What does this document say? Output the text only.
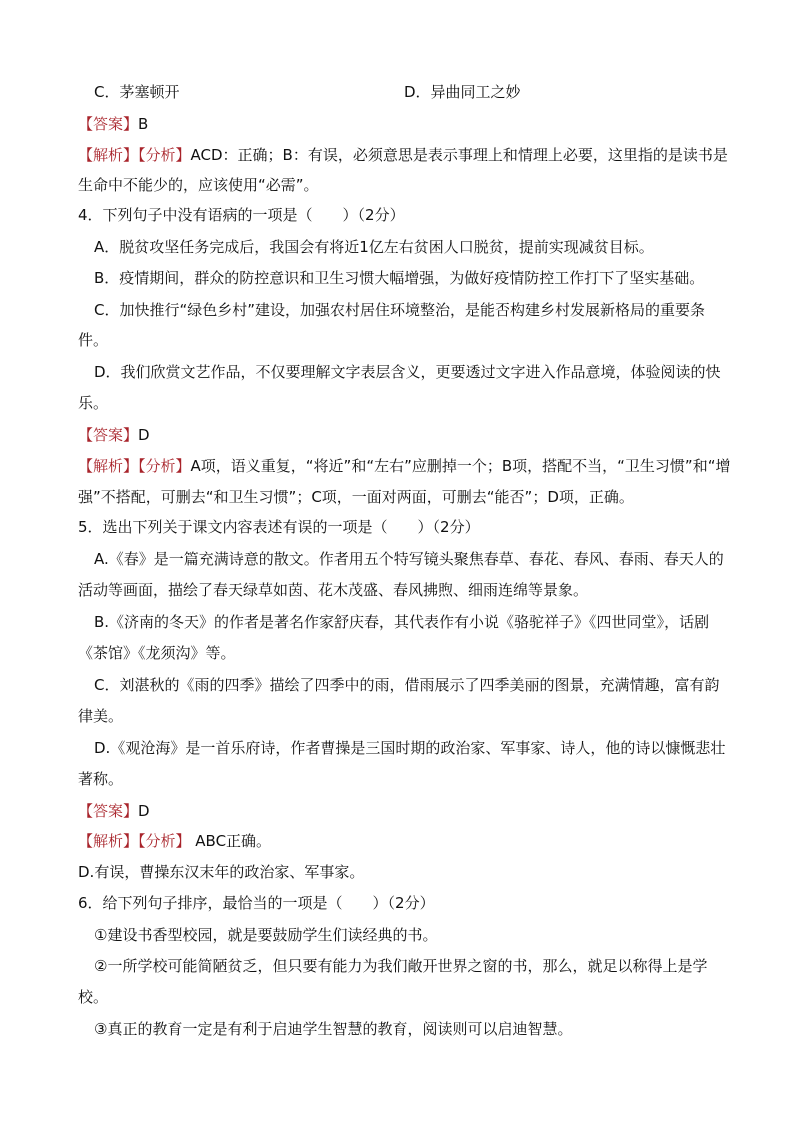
C．茅塞顿开	D．异曲同工之妙
【答案】B
【解析】【分析】ACD：正确；B：有误，必须意思是表示事理上和情理上必要，这里指的是读书是
生命中不能少的，应该使用“必需”。
4．下列句子中没有语病的一项是（　　）（2分）
A．脱贫攻坚任务完成后，我国会有将近1亿左右贫困人口脱贫，提前实现减贫目标。
B．疫情期间，群众的防控意识和卫生习惯大幅增强，为做好疫情防控工作打下了坚实基础。
C．加快推行“绿色乡村”建设，加强农村居住环境整治，是能否构建乡村发展新格局的重要条
件。
D．我们欣赏文艺作品，不仅要理解文字表层含义，更要透过文字进入作品意境，体验阅读的快
乐。
【答案】D
【解析】【分析】A项，语义重复，“将近”和“左右”应删掉一个；B项，搭配不当，“卫生习惯”和“增
强”不搭配，可删去“和卫生习惯”；C项，一面对两面，可删去“能否”；D项，正确。
5．选出下列关于课文内容表述有误的一项是（　　）（2分）
A.《春》是一篇充满诗意的散文。作者用五个特写镜头聚焦春草、春花、春风、春雨、春天人的
活动等画面，描绘了春天绿草如茵、花木茂盛、春风拂煦、细雨连绵等景象。
B.《济南的冬天》的作者是著名作家舒庆春，其代表作有小说《骆驼祥子》《四世同堂》，话剧
《茶馆》《龙须沟》等。
C．刘湛秋的《雨的四季》描绘了四季中的雨，借雨展示了四季美丽的图景，充满情趣，富有韵
律美。
D.《观沧海》是一首乐府诗，作者曹操是三国时期的政治家、军事家、诗人，他的诗以慷慨悲壮
著称。
【答案】D
【解析】【分析】 ABC正确。
D.有误，曹操东汉末年的政治家、军事家。
6．给下列句子排序，最恰当的一项是（　　）（2分）
①建设书香型校园，就是要鼓励学生们读经典的书。
②一所学校可能简陋贫乏，但只要有能力为我们敞开世界之窗的书，那么，就足以称得上是学
校。
③真正的教育一定是有利于启迪学生智慧的教育，阅读则可以启迪智慧。
